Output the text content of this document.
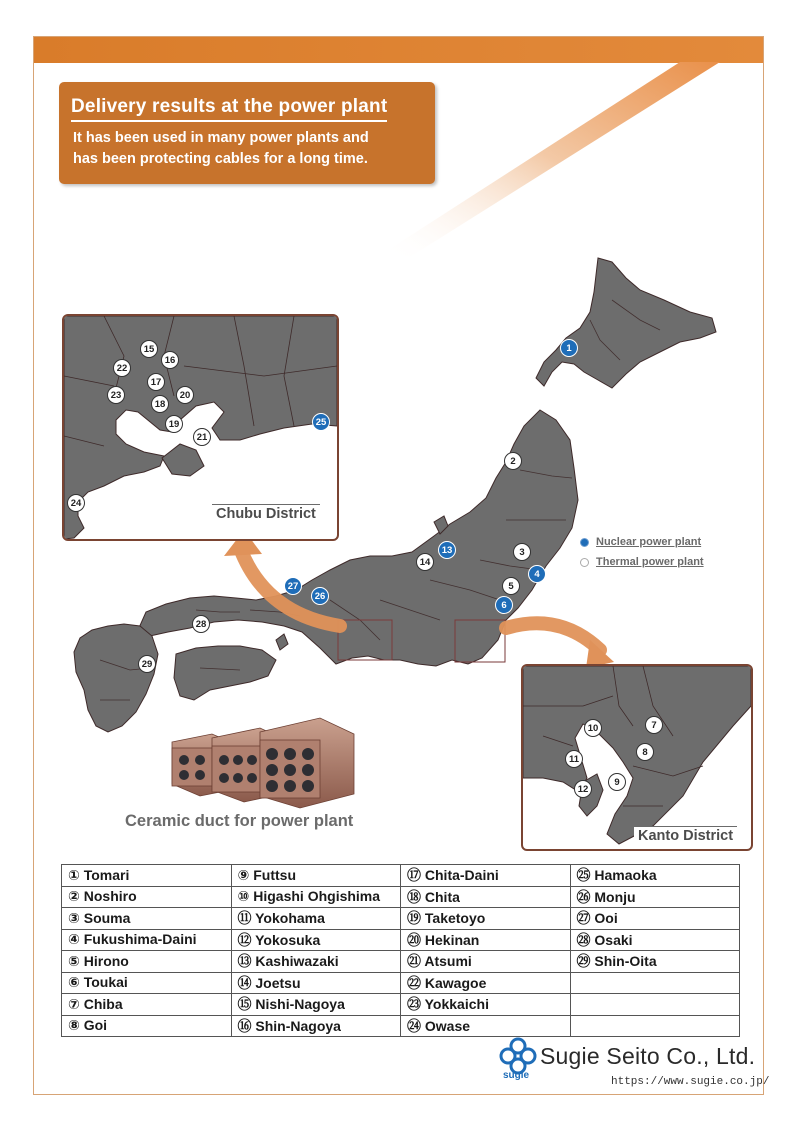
Delivery results at the power plant
It has been used in many power plants and
has been protecting cables for a long time.
1
2
3
4
5
6
13
14
26
27
28
29
Nuclear power plant
Thermal power plant
15
16
22
17
23	20
18
19
21
25
24
Chubu District
10	7
8
11
9
12
Kanto District
Ceramic duct for power plant
① Tomari	⑨ Futtsu	⑰ Chita-Daini	㉕ Hamaoka
② Noshiro	⑩ Higashi Ohgishima	⑱ Chita	㉖ Monju
③ Souma	⑪ Yokohama	⑲ Taketoyo	㉗ Ooi
④ Fukushima-Daini	⑫ Yokosuka	⑳ Hekinan	㉘ Osaki
⑤ Hirono	⑬ Kashiwazaki	㉑ Atsumi	㉙ Shin-Oita
⑥ Toukai	⑭ Joetsu	㉒ Kawagoe	
⑦ Chiba	⑮ Nishi-Nagoya	㉓ Yokkaichi	
⑧ Goi	⑯ Shin-Nagoya	㉔ Owase	
sugie
Sugie Seito Co., Ltd.
https://www.sugie.co.jp/
